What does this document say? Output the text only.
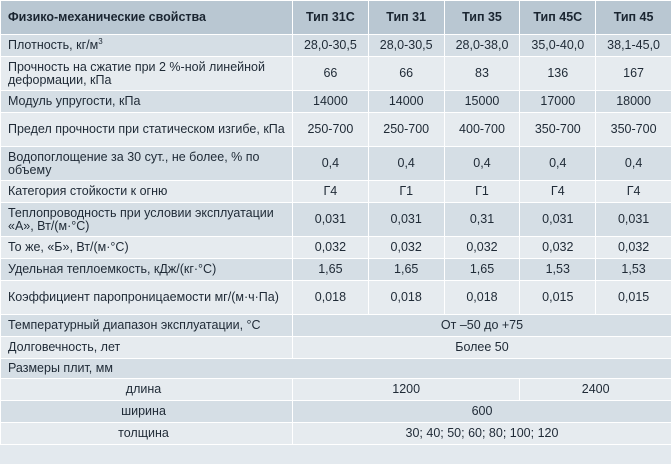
Физико-механические свойства	Тип 31С	Тип 31	Тип 35	Тип 45С	Тип 45
Плотность, $кг/м^3$	28,0-30,5	28,0-30,5	28,0-38,0	35,0-40,0	38,1-45,0
Прочность на сжатие при 2 %-ной линейной деформации, кПа	66	66	83	136	167
Модуль упругости, кПа	14000	14000	15000	17000	18000
Предел прочности при статическом изгибе, кПа	250-700	250-700	400-700	350-700	350-700
Водопоглощение за 30 сут., не более, % по объему	0,4	0,4	0,4	0,4	0,4
Категория стойкости к огню	Г4	Г1	Г1	Г4	Г4
Теплопроводность при условии эксплуатации «А», Вт/(м·°С)	0,031	0,031	0,31	0,031	0,031
То же, «Б», Вт/(м·°С)	0,032	0,032	0,032	0,032	0,032
Удельная теплоемкость, кДж/(кг·°С)	1,65	1,65	1,65	1,53	1,53
Коэффициент паропроницаемости мг/(м·ч·Па)	0,018	0,018	0,018	0,015	0,015
Температурный диапазон эксплуатации, °С	От –50 до +75				
Долговечность, лет	Более 50				
Размеры плит, мм					
длина	1200			2400	
ширина	600				
толщина	30; 40; 50; 60; 80; 100; 120				
